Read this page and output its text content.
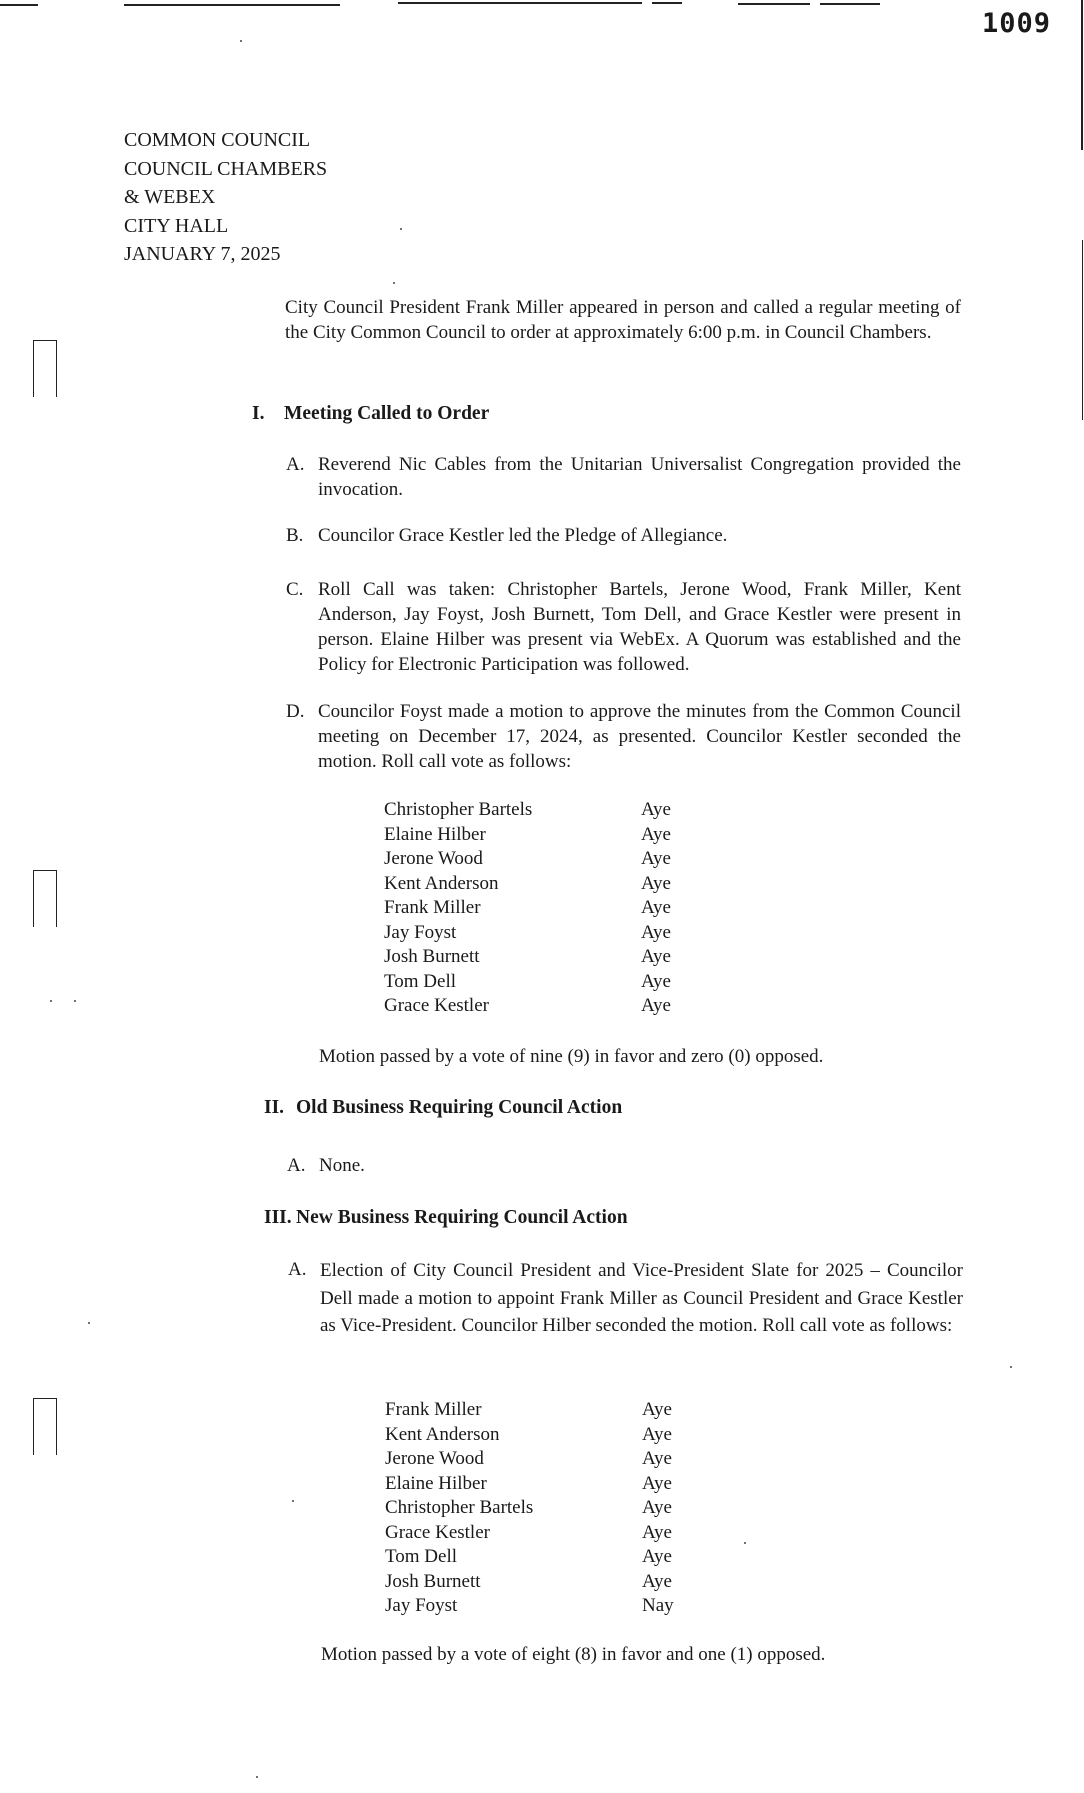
1009
COMMON COUNCIL
COUNCIL CHAMBERS
& WEBEX
CITY HALL
JANUARY 7, 2025
City Council President Frank Miller appeared in person and called a regular meeting of the City Common Council to order at approximately 6:00 p.m. in Council Chambers.
I. Meeting Called to Order
A. Reverend Nic Cables from the Unitarian Universalist Congregation provided the invocation.
B. Councilor Grace Kestler led the Pledge of Allegiance.
C. Roll Call was taken: Christopher Bartels, Jerone Wood, Frank Miller, Kent Anderson, Jay Foyst, Josh Burnett, Tom Dell, and Grace Kestler were present in person. Elaine Hilber was present via WebEx. A Quorum was established and the Policy for Electronic Participation was followed.
D. Councilor Foyst made a motion to approve the minutes from the Common Council meeting on December 17, 2024, as presented. Councilor Kestler seconded the motion. Roll call vote as follows:
Christopher Bartels	Aye
Elaine Hilber	Aye
Jerone Wood	Aye
Kent Anderson	Aye
Frank Miller	Aye
Jay Foyst	Aye
Josh Burnett	Aye
Tom Dell	Aye
Grace Kestler	Aye
Motion passed by a vote of nine (9) in favor and zero (0) opposed.
II. Old Business Requiring Council Action
A. None.
III. New Business Requiring Council Action
A. Election of City Council President and Vice-President Slate for 2025 – Councilor Dell made a motion to appoint Frank Miller as Council President and Grace Kestler as Vice-President. Councilor Hilber seconded the motion. Roll call vote as follows:
Frank Miller	Aye
Kent Anderson	Aye
Jerone Wood	Aye
Elaine Hilber	Aye
Christopher Bartels	Aye
Grace Kestler	Aye
Tom Dell	Aye
Josh Burnett	Aye
Jay Foyst	Nay
Motion passed by a vote of eight (8) in favor and one (1) opposed.
